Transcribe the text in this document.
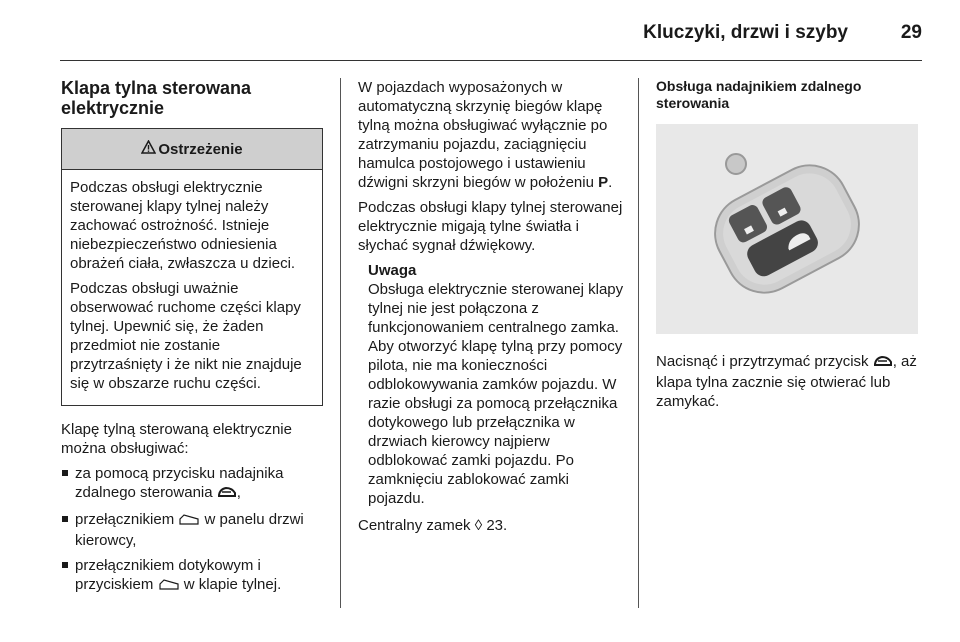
Kluczyki, drzwi i szyby	29
Klapa tylna sterowana
elektrycznie
Ostrzeżenie

Podczas obsługi elektrycznie sterowanej klapy tylnej należy zachować ostrożność. Istnieje niebezpieczeństwo odniesienia obrażeń ciała, zwłaszcza u dzieci.

Podczas obsługi uważnie obserwować ruchome części klapy tylnej. Upewnić się, że żaden przedmiot nie zostanie przytrzaśnięty i że nikt nie znajduje się w obszarze ruchu części.

Klapę tylną sterowaną elektrycznie można obsługiwać:

za pomocą przycisku nadajnika zdalnego sterowania ,
przełącznikiem w panelu drzwi kierowcy,
przełącznikiem dotykowym i przyciskiem w klapie tylnej.

W pojazdach wyposażonych w automatyczną skrzynię biegów klapę tylną można obsługiwać wyłącznie po zatrzymaniu pojazdu, zaciągnięciu hamulca postojowego i ustawieniu dźwigni skrzyni biegów w położeniu P.

Podczas obsługi klapy tylnej sterowanej elektrycznie migają tylne światła i słychać sygnał dźwiękowy.

Uwaga
Obsługa elektrycznie sterowanej klapy tylnej nie jest połączona z funkcjonowaniem centralnego zamka. Aby otworzyć klapę tylną przy pomocy pilota, nie ma konieczności odblokowywania zamków pojazdu. W razie obsługi za pomocą przełącznika dotykowego lub przełącznika w drzwiach kierowcy najpierw odblokować zamki pojazdu. Po zamknięciu zablokować zamki pojazdu.

Centralny zamek ◊ 23.

Obsługa nadajnikiem zdalnego sterowania

Nacisnąć i przytrzymać przycisk , aż klapa tylna zacznie się otwierać lub zamykać.
